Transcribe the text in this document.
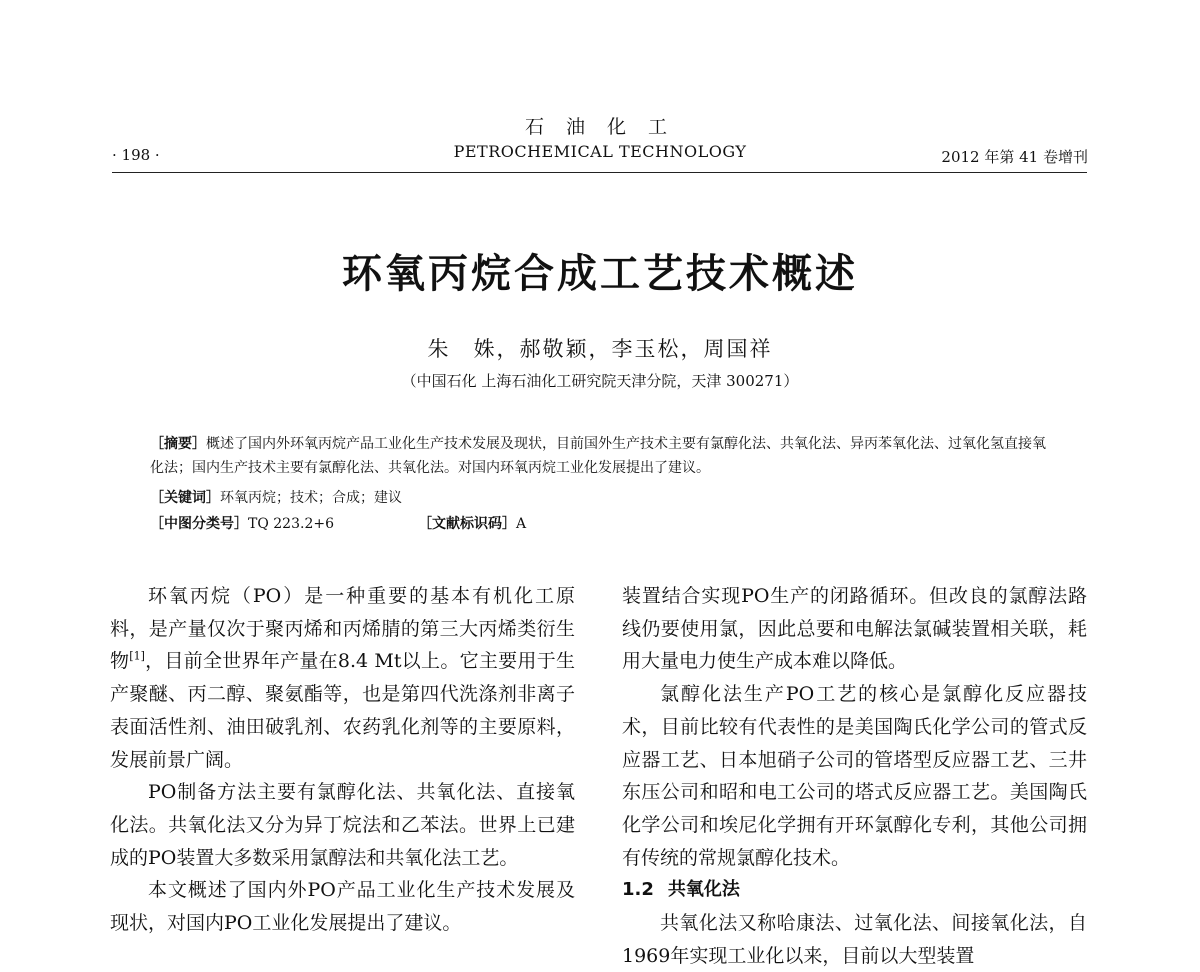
石 油 化 工
PETROCHEMICAL TECHNOLOGY
· 198 ·	2012 年第 41 卷增刊
环氧丙烷合成工艺技术概述
朱　姝，郝敬颖，李玉松，周国祥
（中国石化 上海石油化工研究院天津分院，天津 300271）
［摘要］概述了国内外环氧丙烷产品工业化生产技术发展及现状，目前国外生产技术主要有氯醇化法、共氧化法、异丙苯氧化法、过氧化氢直接氧化法；国内生产技术主要有氯醇化法、共氧化法。对国内环氧丙烷工业化发展提出了建议。
［关键词］环氧丙烷；技术；合成；建议
［中图分类号］TQ 223.2+6	［文献标识码］A

环氧丙烷（PO）是一种重要的基本有机化工原料，是产量仅次于聚丙烯和丙烯腈的第三大丙烯类衍生物[1]，目前全世界年产量在8.4 Mt以上。它主要用于生产聚醚、丙二醇、聚氨酯等，也是第四代洗涤剂非离子表面活性剂、油田破乳剂、农药乳化剂等的主要原料，发展前景广阔。

PO制备方法主要有氯醇化法、共氧化法、直接氧化法。共氧化法又分为异丁烷法和乙苯法。世界上已建成的PO装置大多数采用氯醇法和共氧化法工艺。

本文概述了国内外PO产品工业化生产技术发展及现状，对国内PO工业化发展提出了建议。

装置结合实现PO生产的闭路循环。但改良的氯醇法路线仍要使用氯，因此总要和电解法氯碱装置相关联，耗用大量电力使生产成本难以降低。

氯醇化法生产PO工艺的核心是氯醇化反应器技术，目前比较有代表性的是美国陶氏化学公司的管式反应器工艺、日本旭硝子公司的管塔型反应器工艺、三井东压公司和昭和电工公司的塔式反应器工艺。美国陶氏化学公司和埃尼化学拥有开环氯醇化专利，其他公司拥有传统的常规氯醇化技术。

1.2 共氧化法

共氧化法又称哈康法、过氧化法、间接氧化法，自1969年实现工业化以来，目前以大型装置
